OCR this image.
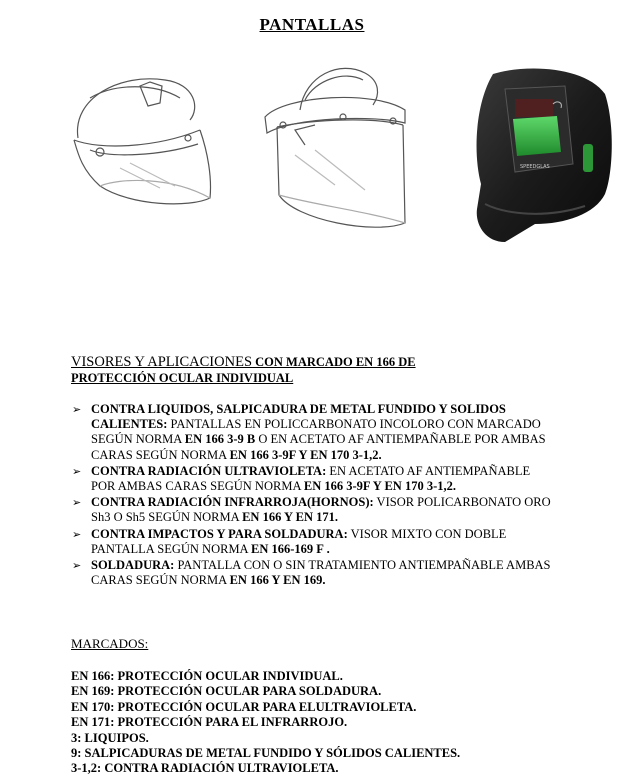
PANTALLAS
SPEEDGLAS
VISORES Y APLICACIONES CON MARCADO EN 166 DE
PROTECCIÓN OCULAR INDIVIDUAL
➢ CONTRA LIQUIDOS, SALPICADURA DE METAL FUNDIDO Y SOLIDOS CALIENTES: PANTALLAS EN POLICCARBONATO INCOLORO CON MARCADO SEGÚN NORMA EN 166 3-9 B O EN ACETATO AF ANTIEMPAÑABLE POR AMBAS CARAS SEGÚN NORMA EN 166 3-9F Y EN 170 3-1,2.
➢ CONTRA RADIACIÓN ULTRAVIOLETA: EN ACETATO AF ANTIEMPAÑABLE POR AMBAS CARAS SEGÚN NORMA EN 166 3-9F Y EN 170 3-1,2.
➢ CONTRA RADIACIÓN INFRARROJA(HORNOS): VISOR POLICARBONATO ORO Sh3 O Sh5 SEGÚN NORMA EN 166 Y EN 171.
➢ CONTRA IMPACTOS Y PARA SOLDADURA: VISOR MIXTO CON DOBLE PANTALLA SEGÚN NORMA EN 166-169 F .
➢ SOLDADURA: PANTALLA CON O SIN TRATAMIENTO ANTIEMPAÑABLE AMBAS CARAS SEGÚN NORMA EN 166 Y EN 169.
MARCADOS:
EN 166: PROTECCIÓN OCULAR INDIVIDUAL.
EN 169: PROTECCIÓN OCULAR PARA SOLDADURA.
EN 170: PROTECCIÓN OCULAR PARA ELULTRAVIOLETA.
EN 171: PROTECCIÓN PARA EL INFRARROJO.
3: LIQUIPOS.
9: SALPICADURAS DE METAL FUNDIDO Y SÓLIDOS CALIENTES.
3-1,2: CONTRA RADIACIÓN ULTRAVIOLETA.
